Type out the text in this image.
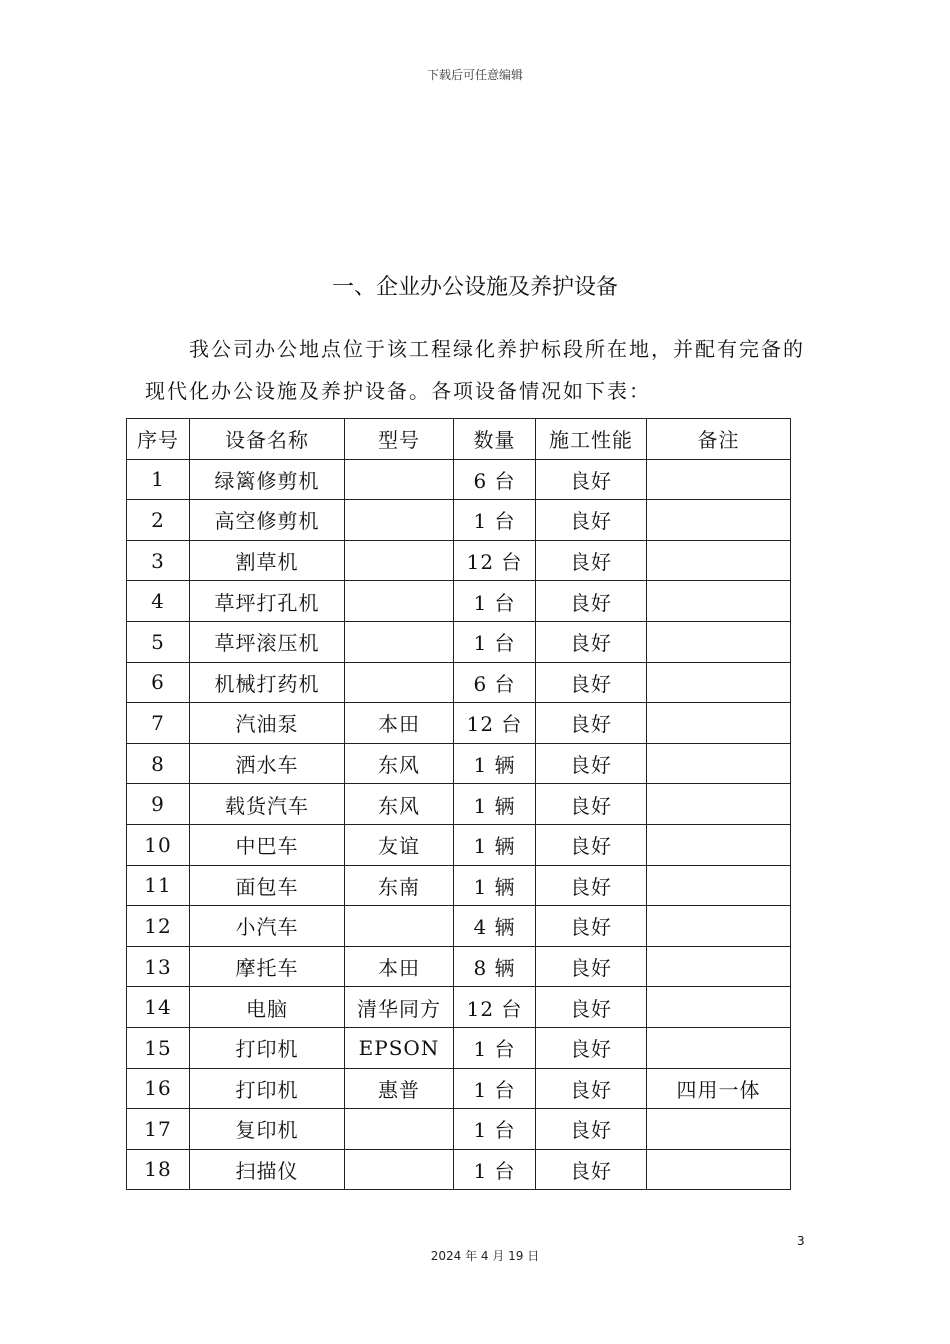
下载后可任意编辑
一、企业办公设施及养护设备

我公司办公地点位于该工程绿化养护标段所在地，并配有完备的现代化办公设施及养护设备。各项设备情况如下表：

序号	设备名称	型号	数量	施工性能	备注
1	绿篱修剪机		6 台	良好	
2	高空修剪机		1 台	良好	
3	割草机		12 台	良好	
4	草坪打孔机		1 台	良好	
5	草坪滚压机		1 台	良好	
6	机械打药机		6 台	良好	
7	汽油泵	本田	12 台	良好	
8	洒水车	东风	1 辆	良好	
9	载货汽车	东风	1 辆	良好	
10	中巴车	友谊	1 辆	良好	
11	面包车	东南	1 辆	良好	
12	小汽车		4 辆	良好	
13	摩托车	本田	8 辆	良好	
14	电脑	清华同方	12 台	良好	
15	打印机	EPSON	1 台	良好	
16	打印机	惠普	1 台	良好	四用一体
17	复印机		1 台	良好	
18	扫描仪		1 台	良好	
3
2024 年 4 月 19 日
